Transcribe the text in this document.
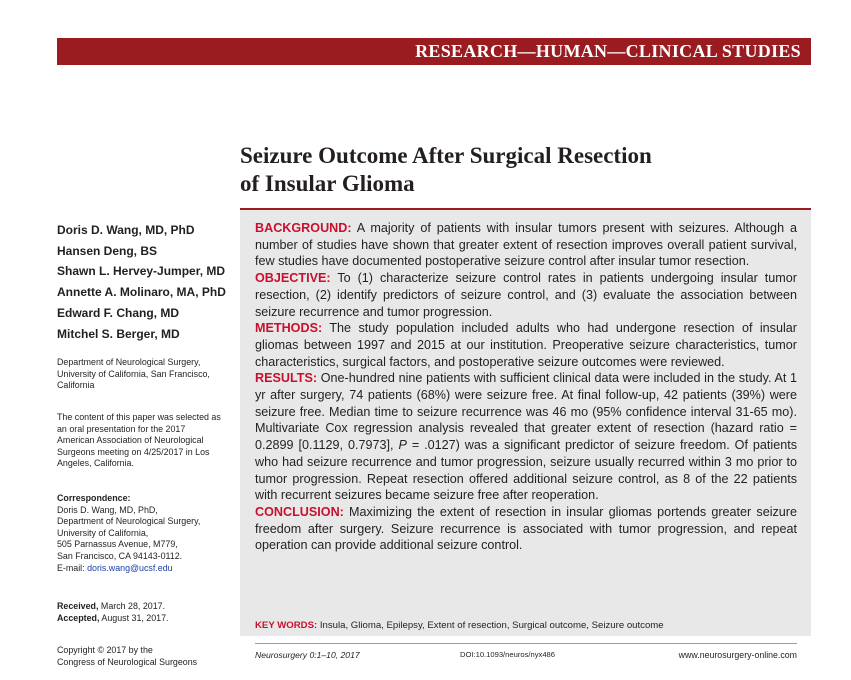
RESEARCH—HUMAN—CLINICAL STUDIES
Seizure Outcome After Surgical Resection
of Insular Glioma
Doris D. Wang, MD, PhD
Hansen Deng, BS
Shawn L. Hervey-Jumper, MD
Annette A. Molinaro, MA, PhD
Edward F. Chang, MD
Mitchel S. Berger, MD
Department of Neurological Surgery,
University of California, San Francisco,
California
The content of this paper was selected as
an oral presentation for the 2017
American Association of Neurological
Surgeons meeting on 4/25/2017 in Los
Angeles, California.
Correspondence:
Doris D. Wang, MD, PhD,
Department of Neurological Surgery,
University of California,
505 Parnassus Avenue, M779,
San Francisco, CA 94143-0112.
E-mail: doris.wang@ucsf.edu
Received, March 28, 2017.
Accepted, August 31, 2017.
Copyright © 2017 by the
Congress of Neurological Surgeons

BACKGROUND: A majority of patients with insular tumors present with seizures. Although a number of studies have shown that greater extent of resection improves overall patient survival, few studies have documented postoperative seizure control after insular tumor resection.

OBJECTIVE: To (1) characterize seizure control rates in patients undergoing insular tumor resection, (2) identify predictors of seizure control, and (3) evaluate the association between seizure recurrence and tumor progression.

METHODS: The study population included adults who had undergone resection of insular gliomas between 1997 and 2015 at our institution. Preoperative seizure characteristics, tumor characteristics, surgical factors, and postoperative seizure outcomes were reviewed.

RESULTS: One-hundred nine patients with sufficient clinical data were included in the study. At 1 yr after surgery, 74 patients (68%) were seizure free. At final follow-up, 42 patients (39%) were seizure free. Median time to seizure recurrence was 46 mo (95% confidence interval 31-65 mo). Multivariate Cox regression analysis revealed that greater extent of resection (hazard ratio = 0.2899 [0.1129, 0.7973], P = .0127) was a significant predictor of seizure freedom. Of patients who had seizure recurrence and tumor progression, seizure usually recurred within 3 mo prior to tumor progression. Repeat resection offered additional seizure control, as 8 of the 22 patients with recurrent seizures became seizure free after reoperation.

CONCLUSION: Maximizing the extent of resection in insular gliomas portends greater seizure freedom after surgery. Seizure recurrence is associated with tumor progression, and repeat operation can provide additional seizure control.

KEY WORDS: Insula, Glioma, Epilepsy, Extent of resection, Surgical outcome, Seizure outcome
Neurosurgery 0:1–10, 2017	DOI:10.1093/neuros/nyx486	www.neurosurgery-online.com
